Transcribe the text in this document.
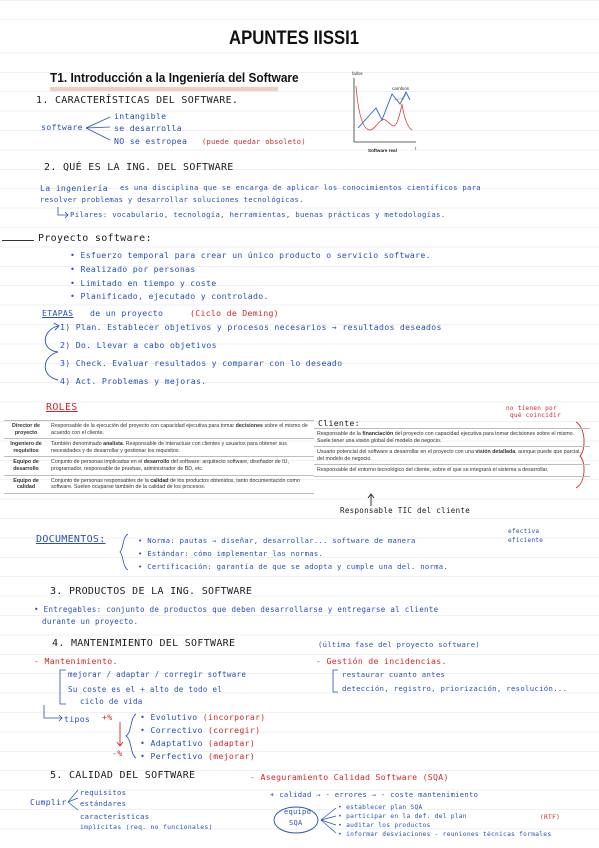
APUNTES IISSI1
T1. Introducción a la Ingeniería del Software	fallos
cambios
Software real	t
1. CARACTERÍSTICAS DEL SOFTWARE.
software
intangible
se desarrolla
NO se estropea (puede quedar obsoleto)
2. QUÉ ES LA ING. DEL SOFTWARE
La ingeniería es una disciplina que se encarga de aplicar los conocimientos científicos para
resolver problemas y desarrollar soluciones tecnológicas.
Pilares: vocabulario, tecnología, herramientas, buenas prácticas y metodologías.
Proyecto software:
• Esfuerzo temporal para crear un único producto o servicio software.
• Realizado por personas
• Limitado en tiempo y coste
• Planificado, ejecutado y controlado.
ETAPAS de un proyecto	(Ciclo de Deming)
1) Plan. Establecer objetivos y procesos necesarios → resultados deseados
2) Do. Llevar a cabo objetivos
3) Check. Evaluar resultados y comparar con lo deseado
4) Act. Problemas y mejoras.
ROLES
Director de proyecto	Responsable de la ejecución del proyecto con capacidad ejecutiva para tomar decisiones sobre el mismo de acuerdo con el cliente.
Ingeniero de requisitos	También denominado analista. Responsable de interactuar con clientes y usuarios para obtener sus necesidades y de desarrollar y gestionar los requisitos.
Equipo de desarrollo	Conjunto de personas implicadas en el desarrollo del software: arquitecto software, diseñador de IU, programador, responsable de pruebas, administrador de BD, etc.
Equipo de calidad	Conjunto de personas responsables de la calidad de los productos obtenidos, tanto documentación como software. Suelen ocuparse también de la calidad de los procesos.
Cliente:
no tienen por
qué coincidir
Responsable de la financiación del proyecto con capacidad ejecutiva para tomar decisiones sobre el mismo. Suele tener una visión global del modelo de negocio.
Usuario potencial del software a desarrollar en el proyecto con una visión detallada, aunque puede que parcial, del modelo de negocio.
Responsable del entorno tecnológico del cliente, sobre el que se integrará el sistema a desarrollar.
Responsable TIC del cliente
DOCUMENTOS:	• Norma: pautas → diseñar, desarrollar... software de manera
• Estándar: cómo implementar las normas.
• Certificación: garantía de que se adopta y cumple una del. norma.
efectiva
eficiente
3. PRODUCTOS DE LA ING. SOFTWARE
• Entregables: conjunto de productos que deben desarrollarse y entregarse al cliente
durante un proyecto.
4. MANTENIMIENTO DEL SOFTWARE	(última fase del proyecto software)
- Mantenimiento.
mejorar / adaptar / corregir software
Su coste es el + alto de todo el
ciclo de vida
tipos +%
-%
• Evolutivo (incorporar)
• Correctivo (corregir)
• Adaptativo (adaptar)
• Perfectivo (mejorar)
- Gestión de incidencias.
restaurar cuanto antes
detección, registro, priorización, resolución...
5. CALIDAD DEL SOFTWARE	- Aseguramiento Calidad Software (SQA)
Cumplir
requisitos
estándares
características
implícitas (req. no funcionales)
+ calidad → - errores → - coste mantenimiento
equipo
SQA
• establecer plan SQA
• participar en la def. del plan
• auditar los productos
• informar desviaciones - reuniones técnicas formales
(RTF)
